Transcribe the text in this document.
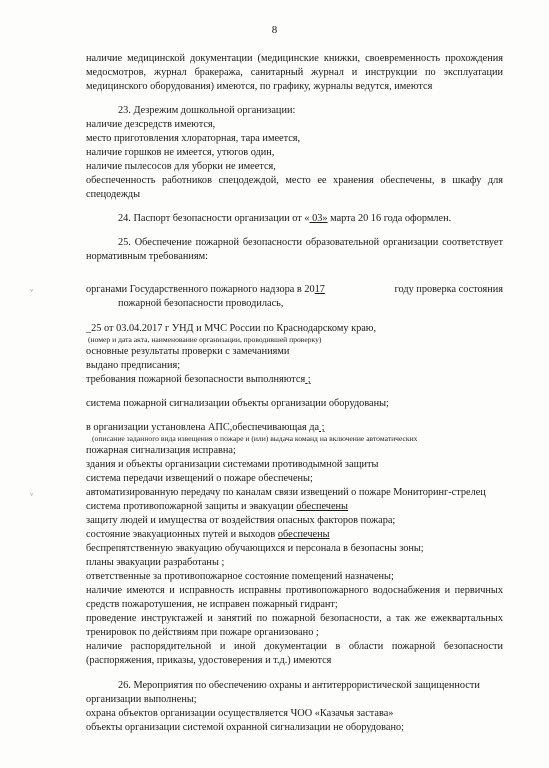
8
наличие медицинской документации (медицинские книжки, своевременность прохождения
медосмотров, журнал бракеража, санитарный журнал и инструкции по эксплуатации
медицинского оборудования) имеются, по графику, журналы ведутся, имеются
23. Дезрежим дошкольной организации:
наличие дезсредств имеются,
место приготовления хлораторная, тара имеется,
наличие горшков не имеется, утюгов один,
наличие пылесосов для уборки не имеется,
обеспеченность работников спецодеждой, место ее хранения обеспечены, в шкафу для
спецодежды
24. Паспорт безопасности организации от « 03» марта 20 16 года оформлен.
25. Обеспечение пожарной безопасности образовательной организации соответствует
нормативным требованиям:
ᵥ	органами Государственного пожарного надзора в 2017	году проверка состояния
пожарной безопасности проводилась,
_25 от 03.04.2017 г УНД и МЧС России по Краснодарскому краю,
(номер и дата акта, наименование организации, проводившей проверку)
основные результаты проверки с замечаниями
выдано предписания;
требования пожарной безопасности выполняются ;
система пожарной сигнализации объекты организации оборудованы;
в организации установлена АПС,обеспечивающая да ;
(описание заданного вида извещения о пожаре и (или) выдача команд на включение автоматических
пожарная сигнализация исправна;
здания и объекты организации системами противодымной защиты
система передачи извещений о пожаре обеспечены;
ᵥ	автоматизированную передачу по каналам связи извещений о пожаре Мониторинг-стрелец
система противопожарной защиты и эвакуации обеспечены
защиту людей и имущества от воздействия опасных факторов пожара;
состояние эвакуационных путей и выходов обеспечены
беспрепятственную эвакуацию обучающихся и персонала в безопасны зоны;
планы эвакуации разработаны ;
ответственные за противопожарное состояние помещений назначены;
наличие имеются и исправность исправны противопожарного водоснабжения и первичных
средств пожаротушения, не исправен пожарный гидрант;
проведение инструктажей и занятий по пожарной безопасности, а так же ежеквартальных
тренировок по действиям при пожаре организовано ;
наличие распорядительной и иной документации в области пожарной безопасности
(распоряжения, приказы, удостоверения и т.д.) имеются
26. Мероприятия по обеспечению охраны и антитеррористической защищенности
организации выполнены;
охрана объектов организации осуществляется ЧОО «Казачья застава»
объекты организации системой охранной сигнализации не оборудовано;
